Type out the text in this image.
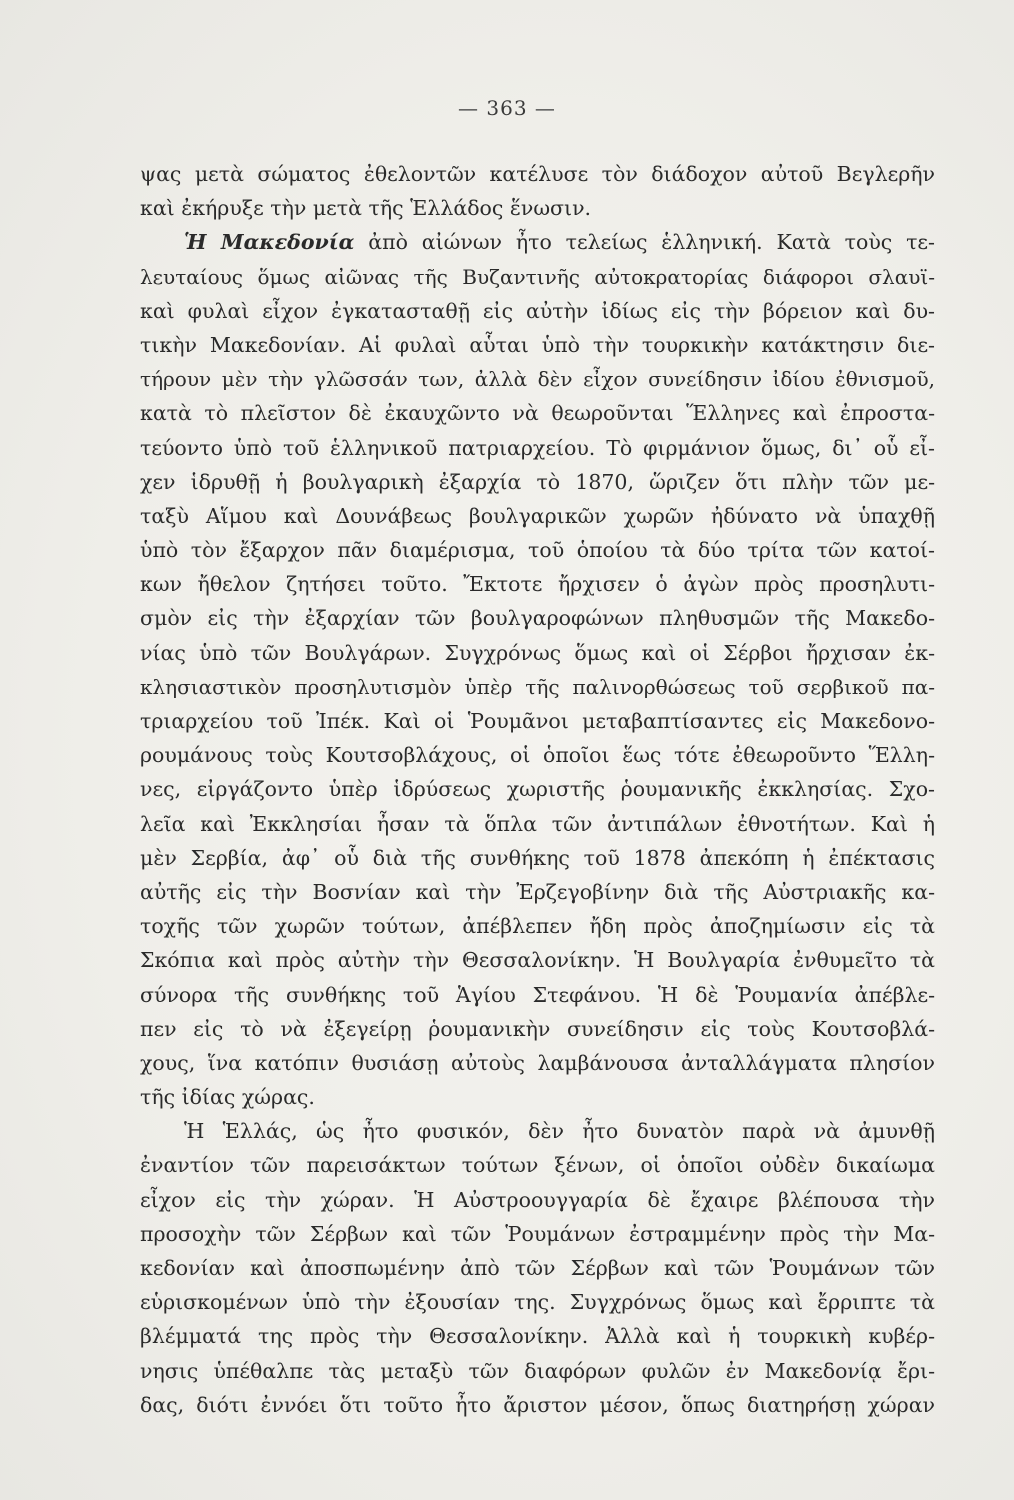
— 363 —
ψας μετὰ σώματος ἐθελοντῶν κατέλυσε τὸν διάδοχον αὐτοῦ Βεγλερῆν
καὶ ἐκήρυξε τὴν μετὰ τῆς Ἑλλάδος ἕνωσιν.
Ἡ Μακεδονία ἀπὸ αἰώνων ἦτο τελείως ἑλληνική. Κατὰ τοὺς τε-
λευταίους ὅμως αἰῶνας τῆς Βυζαντινῆς αὐτοκρατορίας διάφοροι σλαυϊ-
καὶ φυλαὶ εἶχον ἐγκατασταθῇ εἰς αὐτὴν ἰδίως εἰς τὴν βόρειον καὶ δυ-
τικὴν Μακεδονίαν. Αἱ φυλαὶ αὗται ὑπὸ τὴν τουρκικὴν κατάκτησιν διε-
τήρουν μὲν τὴν γλῶσσάν των, ἀλλὰ δὲν εἶχον συνείδησιν ἰδίου ἐθνισμοῦ,
κατὰ τὸ πλεῖστον δὲ ἐκαυχῶντο νὰ θεωροῦνται Ἕλληνες καὶ ἐπροστα-
τεύοντο ὑπὸ τοῦ ἑλληνικοῦ πατριαρχείου. Τὸ φιρμάνιον ὅμως, δι᾽ οὗ εἶ-
χεν ἱδρυθῇ ἡ βουλγαρικὴ ἐξαρχία τὸ 1870, ὥριζεν ὅτι πλὴν τῶν με-
ταξὺ Αἵμου καὶ Δουνάβεως βουλγαρικῶν χωρῶν ἠδύνατο νὰ ὑπαχθῇ
ὑπὸ τὸν ἔξαρχον πᾶν διαμέρισμα, τοῦ ὁποίου τὰ δύο τρίτα τῶν κατοί-
κων ἤθελον ζητήσει τοῦτο. Ἔκτοτε ἤρχισεν ὁ ἀγὼν πρὸς προσηλυτι-
σμὸν εἰς τὴν ἐξαρχίαν τῶν βουλγαροφώνων πληθυσμῶν τῆς Μακεδο-
νίας ὑπὸ τῶν Βουλγάρων. Συγχρόνως ὅμως καὶ οἱ Σέρβοι ἤρχισαν ἐκ-
κλησιαστικὸν προσηλυτισμὸν ὑπὲρ τῆς παλινορθώσεως τοῦ σερβικοῦ πα-
τριαρχείου τοῦ Ἰπέκ. Καὶ οἱ Ῥουμᾶνοι μεταβαπτίσαντες εἰς Μακεδονο-
ρουμάνους τοὺς Κουτσοβλάχους, οἱ ὁποῖοι ἕως τότε ἐθεωροῦντο Ἕλλη-
νες, εἰργάζοντο ὑπὲρ ἱδρύσεως χωριστῆς ῥουμανικῆς ἐκκλησίας. Σχο-
λεῖα καὶ Ἐκκλησίαι ἦσαν τὰ ὅπλα τῶν ἀντιπάλων ἐθνοτήτων. Καὶ ἡ
μὲν Σερβία, ἀφ᾽ οὗ διὰ τῆς συνθήκης τοῦ 1878 ἀπεκόπη ἡ ἐπέκτασις
αὐτῆς εἰς τὴν Βοσνίαν καὶ τὴν Ἐρζεγοβίνην διὰ τῆς Αὐστριακῆς κα-
τοχῆς τῶν χωρῶν τούτων, ἀπέβλεπεν ἤδη πρὸς ἀποζημίωσιν εἰς τὰ
Σκόπια καὶ πρὸς αὐτὴν τὴν Θεσσαλονίκην. Ἡ Βουλγαρία ἐνθυμεῖτο τὰ
σύνορα τῆς συνθήκης τοῦ Ἁγίου Στεφάνου. Ἡ δὲ Ῥουμανία ἀπέβλε-
πεν εἰς τὸ νὰ ἐξεγείρῃ ῥουμανικὴν συνείδησιν εἰς τοὺς Κουτσοβλά-
χους, ἵνα κατόπιν θυσιάσῃ αὐτοὺς λαμβάνουσα ἀνταλλάγματα πλησίον
τῆς ἰδίας χώρας.
Ἡ Ἑλλάς, ὡς ἦτο φυσικόν, δὲν ἦτο δυνατὸν παρὰ νὰ ἀμυνθῇ
ἐναντίον τῶν παρεισάκτων τούτων ξένων, οἱ ὁποῖοι οὐδὲν δικαίωμα
εἶχον εἰς τὴν χώραν. Ἡ Αὐστροουγγαρία δὲ ἔχαιρε βλέπουσα τὴν
προσοχὴν τῶν Σέρβων καὶ τῶν Ῥουμάνων ἐστραμμένην πρὸς τὴν Μα-
κεδονίαν καὶ ἀποσπωμένην ἀπὸ τῶν Σέρβων καὶ τῶν Ῥουμάνων τῶν
εὑρισκομένων ὑπὸ τὴν ἐξουσίαν της. Συγχρόνως ὅμως καὶ ἔρριπτε τὰ
βλέμματά της πρὸς τὴν Θεσσαλονίκην. Ἀλλὰ καὶ ἡ τουρκικὴ κυβέρ-
νησις ὑπέθαλπε τὰς μεταξὺ τῶν διαφόρων φυλῶν ἐν Μακεδονίᾳ ἔρι-
δας, διότι ἐννόει ὅτι τοῦτο ἦτο ἄριστον μέσον, ὅπως διατηρήσῃ χώραν
